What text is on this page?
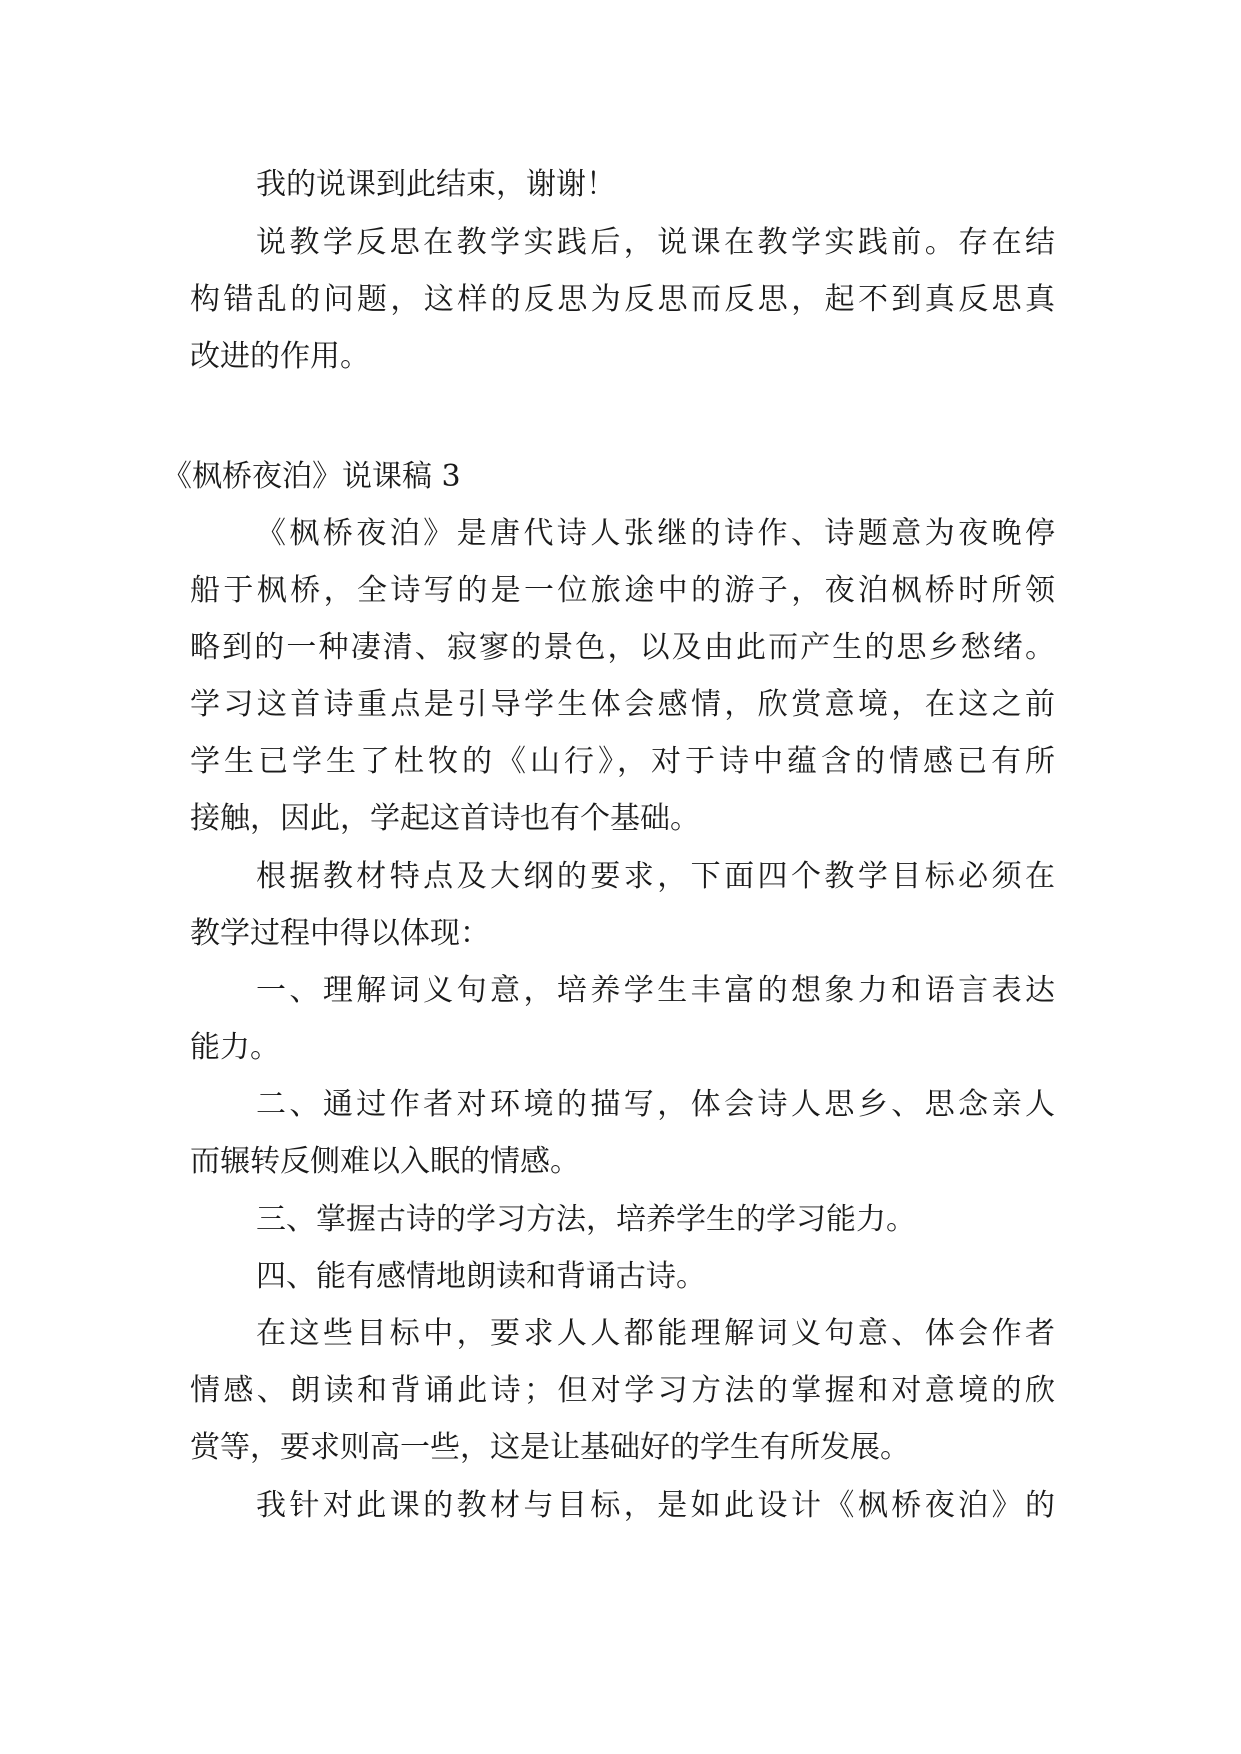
我的说课到此结束，谢谢！

说教学反思在教学实践后，说课在教学实践前。存在结

构错乱的问题，这样的反思为反思而反思，起不到真反思真

改进的作用。

《枫桥夜泊》说课稿 3

《枫桥夜泊》是唐代诗人张继的诗作、诗题意为夜晚停

船于枫桥，全诗写的是一位旅途中的游子，夜泊枫桥时所领

略到的一种凄清、寂寥的景色，以及由此而产生的思乡愁绪。

学习这首诗重点是引导学生体会感情，欣赏意境，在这之前

学生已学生了杜牧的《山行》，对于诗中蕴含的情感已有所

接触，因此，学起这首诗也有个基础。

根据教材特点及大纲的要求，下面四个教学目标必须在

教学过程中得以体现：

一、理解词义句意，培养学生丰富的想象力和语言表达

能力。

二、通过作者对环境的描写，体会诗人思乡、思念亲人

而辗转反侧难以入眠的情感。

三、掌握古诗的学习方法，培养学生的学习能力。

四、能有感情地朗读和背诵古诗。

在这些目标中，要求人人都能理解词义句意、体会作者

情感、朗读和背诵此诗；但对学习方法的掌握和对意境的欣

赏等，要求则高一些，这是让基础好的学生有所发展。

我针对此课的教材与目标，是如此设计《枫桥夜泊》的
